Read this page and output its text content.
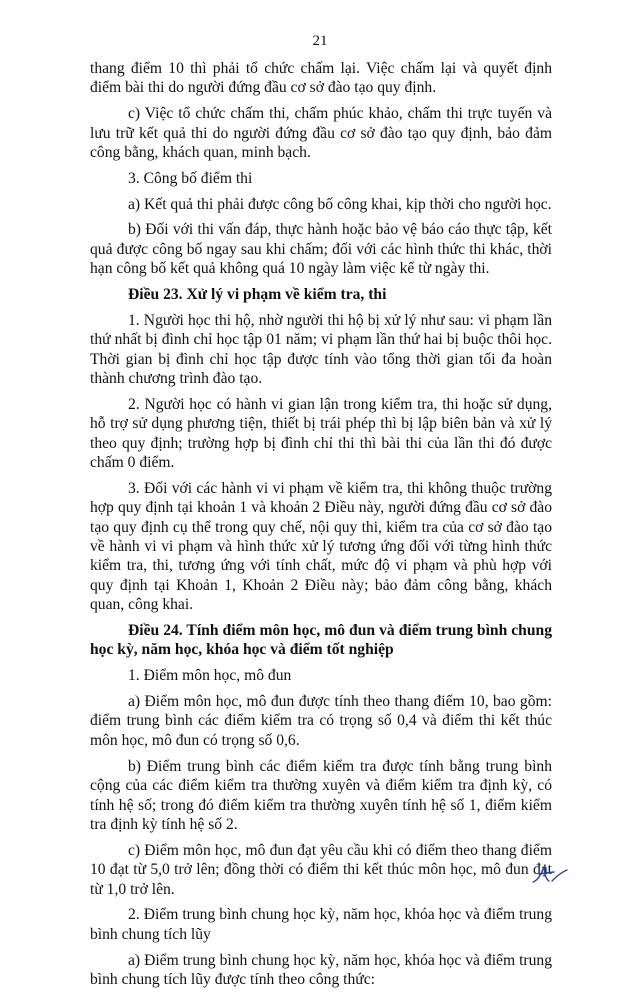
21

thang điểm 10 thì phải tổ chức chấm lại. Việc chấm lại và quyết định điểm bài thi do người đứng đầu cơ sở đào tạo quy định.

c) Việc tổ chức chấm thi, chấm phúc khảo, chấm thi trực tuyến và lưu trữ kết quả thi do người đứng đầu cơ sở đào tạo quy định, bảo đảm công bằng, khách quan, minh bạch.

3. Công bố điểm thi

a) Kết quả thi phải được công bố công khai, kịp thời cho người học.

b) Đối với thi vấn đáp, thực hành hoặc bảo vệ báo cáo thực tập, kết quả được công bố ngay sau khi chấm; đối với các hình thức thi khác, thời hạn công bố kết quả không quá 10 ngày làm việc kể từ ngày thi.

Điều 23. Xử lý vi phạm về kiểm tra, thi

1. Người học thi hộ, nhờ người thi hộ bị xử lý như sau: vi phạm lần thứ nhất bị đình chỉ học tập 01 năm; vi phạm lần thứ hai bị buộc thôi học. Thời gian bị đình chỉ học tập được tính vào tổng thời gian tối đa hoàn thành chương trình đào tạo.

2. Người học có hành vi gian lận trong kiểm tra, thi hoặc sử dụng, hỗ trợ sử dụng phương tiện, thiết bị trái phép thì bị lập biên bản và xử lý theo quy định; trường hợp bị đình chỉ thi thì bài thi của lần thi đó được chấm 0 điểm.

3. Đối với các hành vi vi phạm về kiểm tra, thi không thuộc trường hợp quy định tại khoản 1 và khoản 2 Điều này, người đứng đầu cơ sở đào tạo quy định cụ thể trong quy chế, nội quy thi, kiểm tra của cơ sở đào tạo về hành vi vi phạm và hình thức xử lý tương ứng đối với từng hình thức kiểm tra, thi, tương ứng với tính chất, mức độ vi phạm và phù hợp với quy định tại Khoản 1, Khoản 2 Điều này; bảo đảm công bằng, khách quan, công khai.

Điều 24. Tính điểm môn học, mô đun và điểm trung bình chung học kỳ, năm học, khóa học và điểm tốt nghiệp

1. Điểm môn học, mô đun

a) Điểm môn học, mô đun được tính theo thang điểm 10, bao gồm: điểm trung bình các điểm kiểm tra có trọng số 0,4 và điểm thi kết thúc môn học, mô đun có trọng số 0,6.

b) Điểm trung bình các điểm kiểm tra được tính bằng trung bình cộng của các điểm kiểm tra thường xuyên và điểm kiểm tra định kỳ, có tính hệ số; trong đó điểm kiểm tra thường xuyên tính hệ số 1, điểm kiểm tra định kỳ tính hệ số 2.

c) Điểm môn học, mô đun đạt yêu cầu khi có điểm theo thang điểm 10 đạt từ 5,0 trở lên; đồng thời có điểm thi kết thúc môn học, mô đun đạt từ 1,0 trở lên.

2. Điểm trung bình chung học kỳ, năm học, khóa học và điểm trung bình chung tích lũy

a) Điểm trung bình chung học kỳ, năm học, khóa học và điểm trung bình chung tích lũy được tính theo công thức:
